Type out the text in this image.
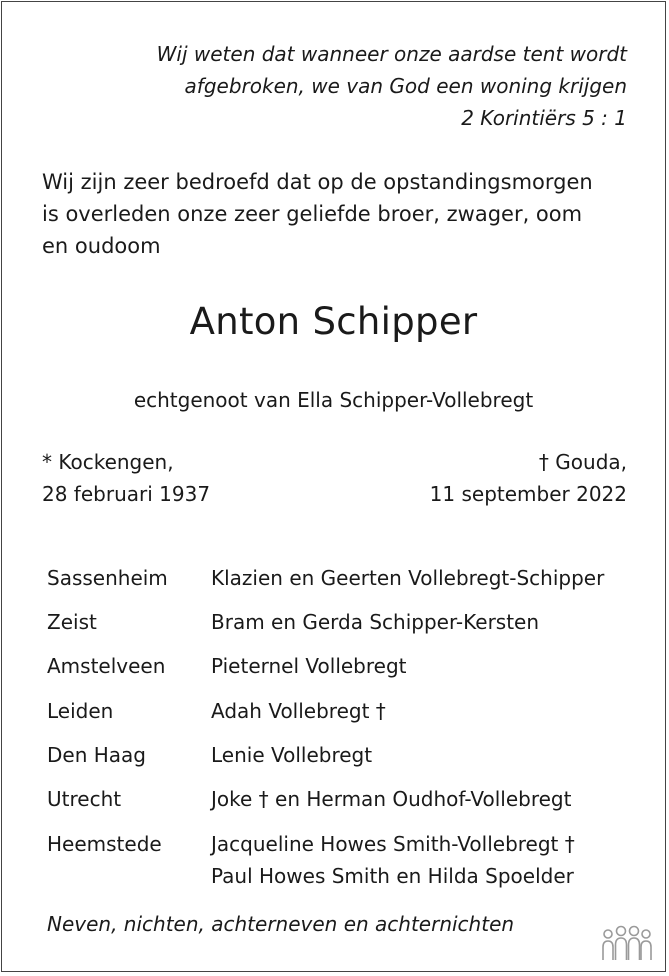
Wij weten dat wanneer onze aardse tent wordt
afgebroken, we van God een woning krijgen
2 Korintiërs 5 : 1
Wij zijn zeer bedroefd dat op de opstandingsmorgen
is overleden onze zeer geliefde broer, zwager, oom
en oudoom
Anton Schipper
echtgenoot van Ella Schipper-Vollebregt
* Kockengen,
28 februari 1937
† Gouda,
11 september 2022
Sassenheim Klazien en Geerten Vollebregt-Schipper
Zeist	Bram en Gerda Schipper-Kersten
Amstelveen Pieternel Vollebregt
Leiden	Adah Vollebregt †
Den Haag	Lenie Vollebregt
Utrecht	Joke † en Herman Oudhof-Vollebregt
Heemstede Jacqueline Howes Smith-Vollebregt †
Paul Howes Smith en Hilda Spoelder
Neven, nichten, achterneven en achternichten
